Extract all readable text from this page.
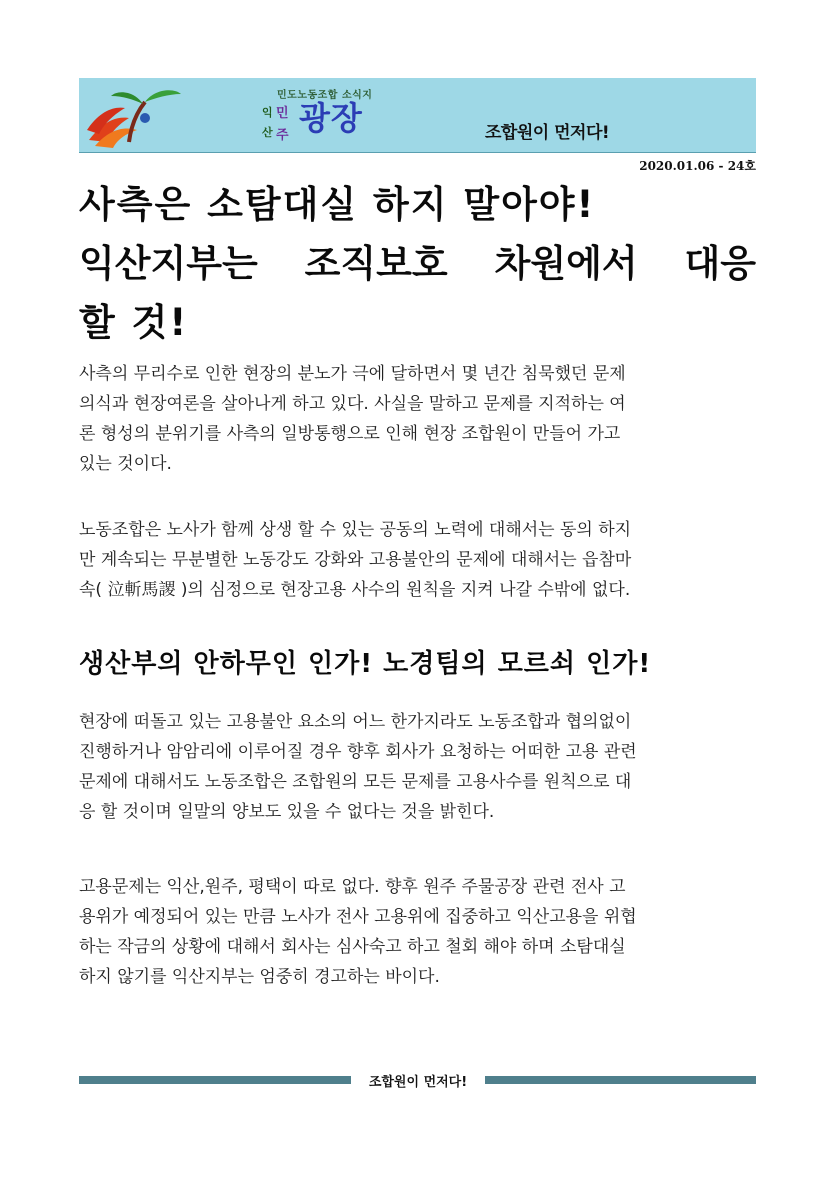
민도노동조합 소식지
익
산
민
주 광장	조합원이 먼저다!
2020.01.06 - 24호
사측은 소탐대실 하지 말아야!
익산지부는 조직보호 차원에서 대응
할 것!
사측의 무리수로 인한 현장의 분노가 극에 달하면서 몇 년간 침묵했던 문제
의식과 현장여론을 살아나게 하고 있다. 사실을 말하고 문제를 지적하는 여
론 형성의 분위기를 사측의 일방통행으로 인해 현장 조합원이 만들어 가고
있는 것이다.
노동조합은 노사가 함께 상생 할 수 있는 공동의 노력에 대해서는 동의 하지
만 계속되는 무분별한 노동강도 강화와 고용불안의 문제에 대해서는 읍참마
속( 泣斬馬謖 )의 심정으로 현장고용 사수의 원칙을 지켜 나갈 수밖에 없다.
생산부의 안하무인 인가! 노경팀의 모르쇠 인가!
현장에 떠돌고 있는 고용불안 요소의 어느 한가지라도 노동조합과 협의없이
진행하거나 암암리에 이루어질 경우 향후 회사가 요청하는 어떠한 고용 관련
문제에 대해서도 노동조합은 조합원의 모든 문제를 고용사수를 원칙으로 대
응 할 것이며 일말의 양보도 있을 수 없다는 것을 밝힌다.
고용문제는 익산,원주, 평택이 따로 없다. 향후 원주 주물공장 관련 전사 고
용위가 예정되어 있는 만큼 노사가 전사 고용위에 집중하고 익산고용을 위협
하는 작금의 상황에 대해서 회사는 심사숙고 하고 철회 해야 하며 소탐대실
하지 않기를 익산지부는 엄중히 경고하는 바이다.
조합원이 먼저다!
